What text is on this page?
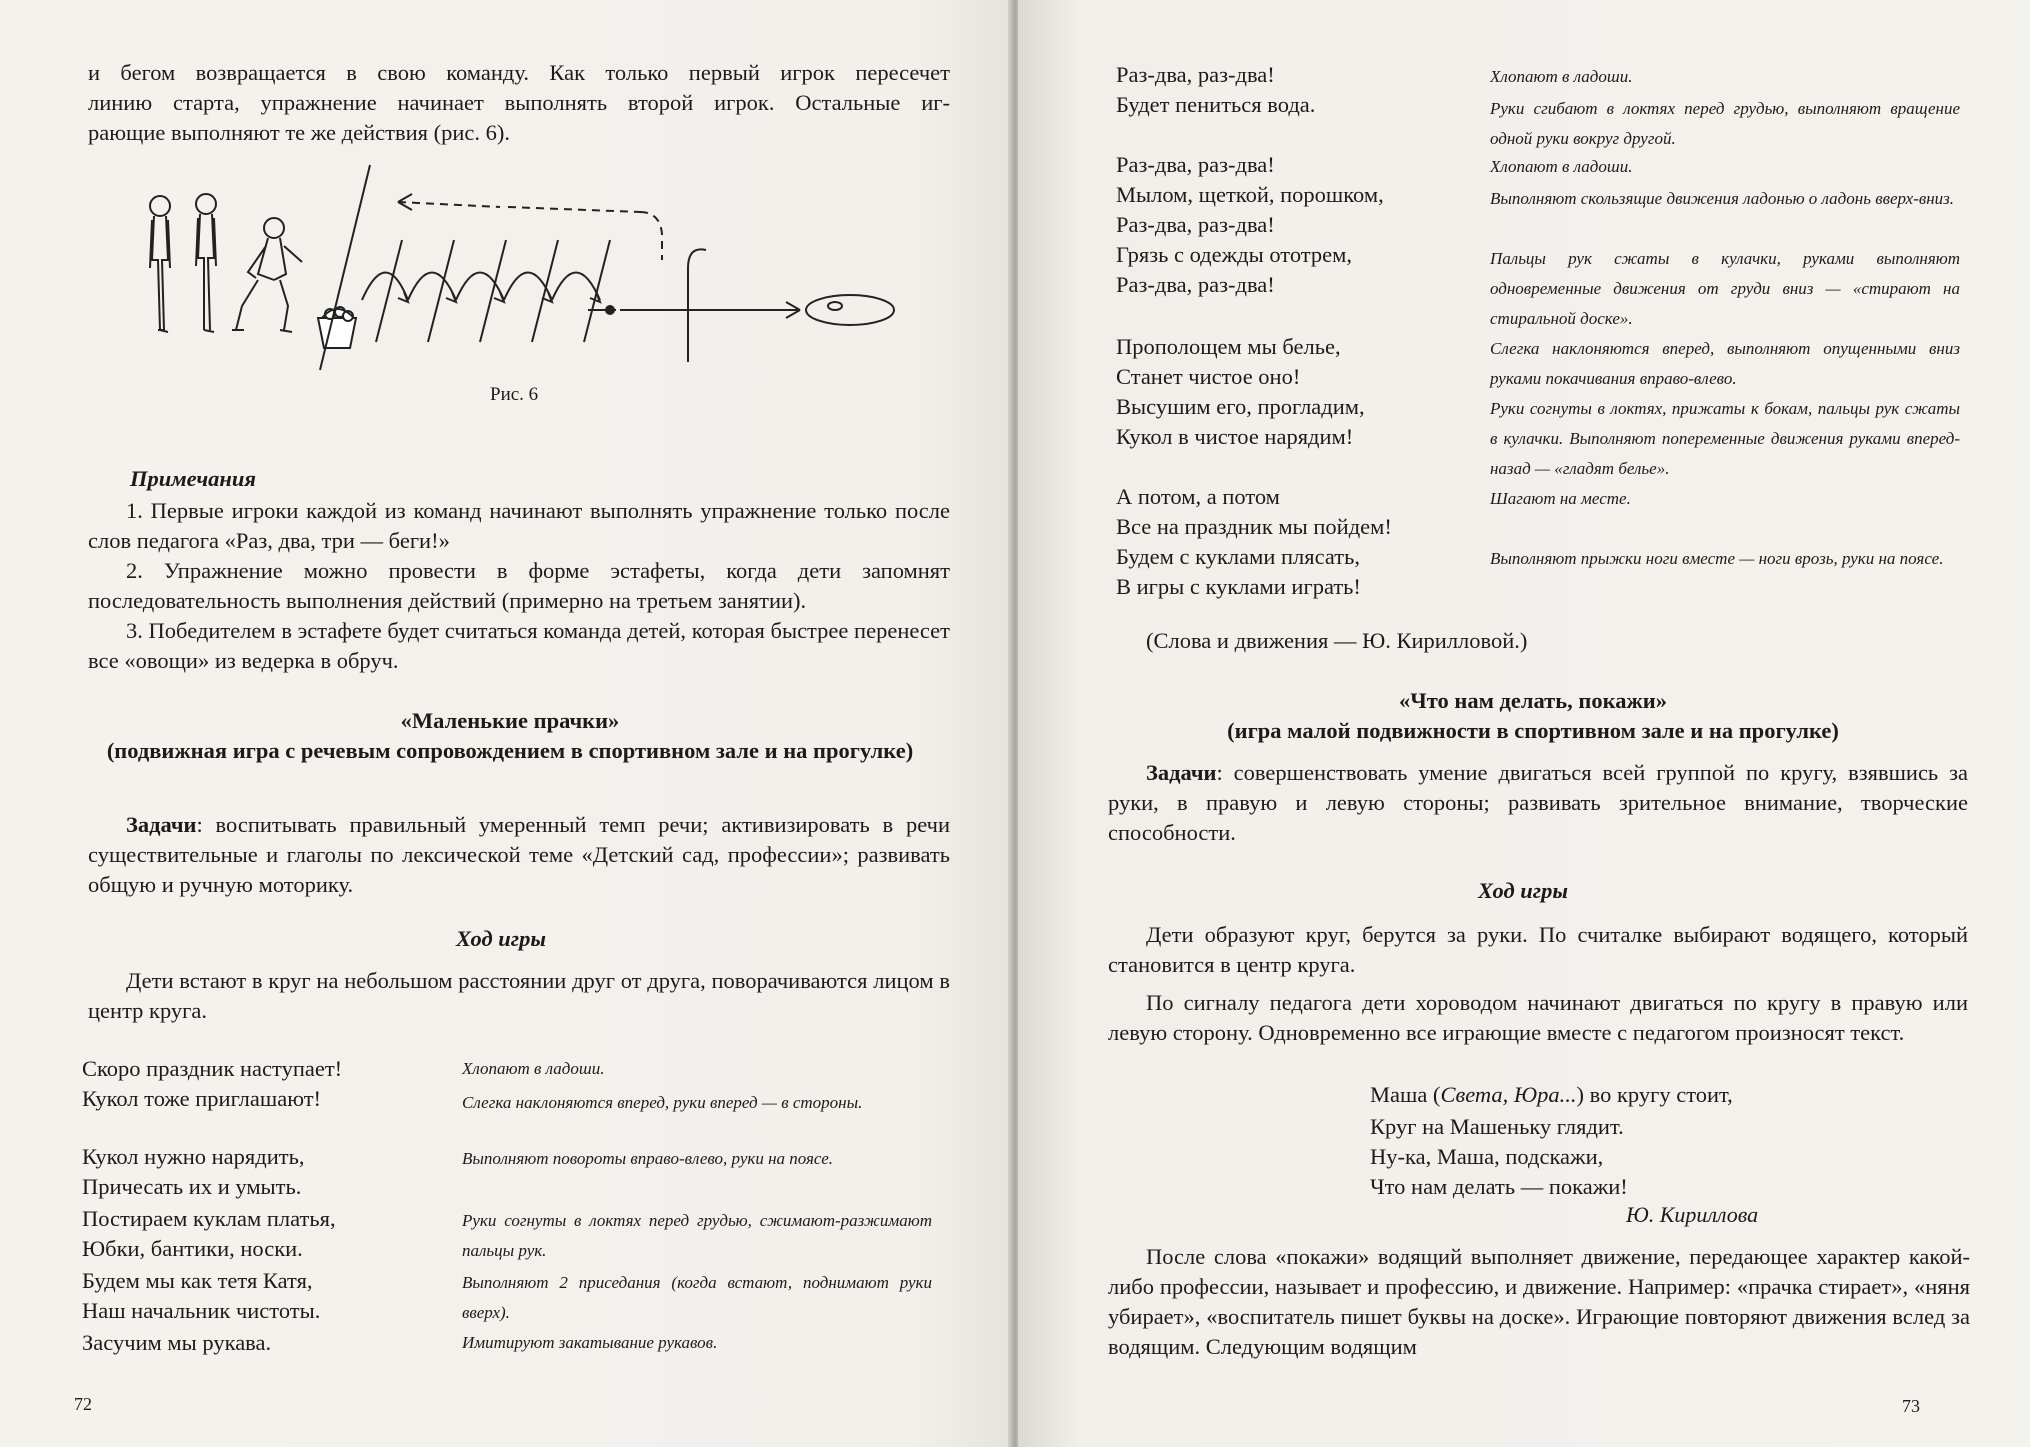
и бегом возвращается в свою команду. Как только первый игрок пересечет
линию старта, упражнение начинает выполнять второй игрок. Остальные иг-
рающие выполняют те же действия (рис. 6).
Рис. 6
Примечания

1. Первые игроки каждой из команд начинают выполнять упражнение только после слов педагога «Раз, два, три — беги!»

2. Упражнение можно провести в форме эстафеты, когда дети запомнят последовательность выполнения действий (примерно на третьем занятии).

3. Победителем в эстафете будет считаться команда детей, которая быстрее перенесет все «овощи» из ведерка в обруч.

«Маленькие прачки»
(подвижная игра с речевым сопровождением в спортивном зале и на прогулке)

Задачи: воспитывать правильный умеренный темп речи; активизировать в речи существительные и глаголы по лексической теме «Детский сад, профессии»; развивать общую и ручную моторику.

Ход игры

Дети встают в круг на небольшом расстоянии друг от друга, поворачиваются лицом в центр круга.

Скоро праздник наступает!
Кукол тоже приглашают!
Кукол нужно нарядить,
Причесать их и умыть.
Постираем куклам платья,
Юбки, бантики, носки.
Будем мы как тетя Катя,
Наш начальник чистоты.
Засучим мы рукава.
Хлопают в ладоши.
Слегка наклоняются вперед, руки вперед — в стороны.
Выполняют повороты вправо-влево, руки на поясе.
Руки согнуты в локтях перед грудью, сжимают-разжимают пальцы рук.
Выполняют 2 приседания (когда встают, поднимают руки вверх).
Имитируют закатывание рукавов.
72
Раз-два, раз-два!
Будет пениться вода.
Раз-два, раз-два!
Мылом, щеткой, порошком,
Раз-два, раз-два!
Грязь с одежды ототрем,
Раз-два, раз-два!
Прополощем мы белье,
Станет чистое оно!
Высушим его, прогладим,
Кукол в чистое нарядим!
А потом, а потом
Все на праздник мы пойдем!
Будем с куклами плясать,
В игры с куклами играть!
Хлопают в ладоши.
Руки сгибают в локтях перед грудью, выполняют вращение одной руки вокруг другой.
Хлопают в ладоши.
Выполняют скользящие движения ладонью о ладонь вверх-вниз.
Пальцы рук сжаты в кулачки, руками выполняют одновременные движения от груди вниз — «стирают на стиральной доске».
Слегка наклоняются вперед, выполняют опущенными вниз руками покачивания вправо-влево.
Руки согнуты в локтях, прижаты к бокам, пальцы рук сжаты в кулачки. Выполняют попеременные движения руками вперед-назад — «гладят белье».
Шагают на месте.
Выполняют прыжки ноги вместе — ноги врозь, руки на поясе.
(Слова и движения — Ю. Кирилловой.)
«Что нам делать, покажи»
(игра малой подвижности в спортивном зале и на прогулке)

Задачи: совершенствовать умение двигаться всей группой по кругу, взявшись за руки, в правую и левую стороны; развивать зрительное внимание, творческие способности.

Ход игры

Дети образуют круг, берутся за руки. По считалке выбирают водящего, который становится в центр круга.

По сигналу педагога дети хороводом начинают двигаться по кругу в правую или левую сторону. Одновременно все играющие вместе с педагогом произносят текст.

Маша (Света, Юра...) во кругу стоит,
Круг на Машеньку глядит.
Ну-ка, Маша, подскажи,
Что нам делать — покажи!
Ю. Кириллова

После слова «покажи» водящий выполняет движение, передающее характер какой-либо профессии, называет и профессию, и движение. Например: «прачка стирает», «няня убирает», «воспитатель пишет буквы на доске». Играющие повторяют движения вслед за водящим. Следующим водящим

73
